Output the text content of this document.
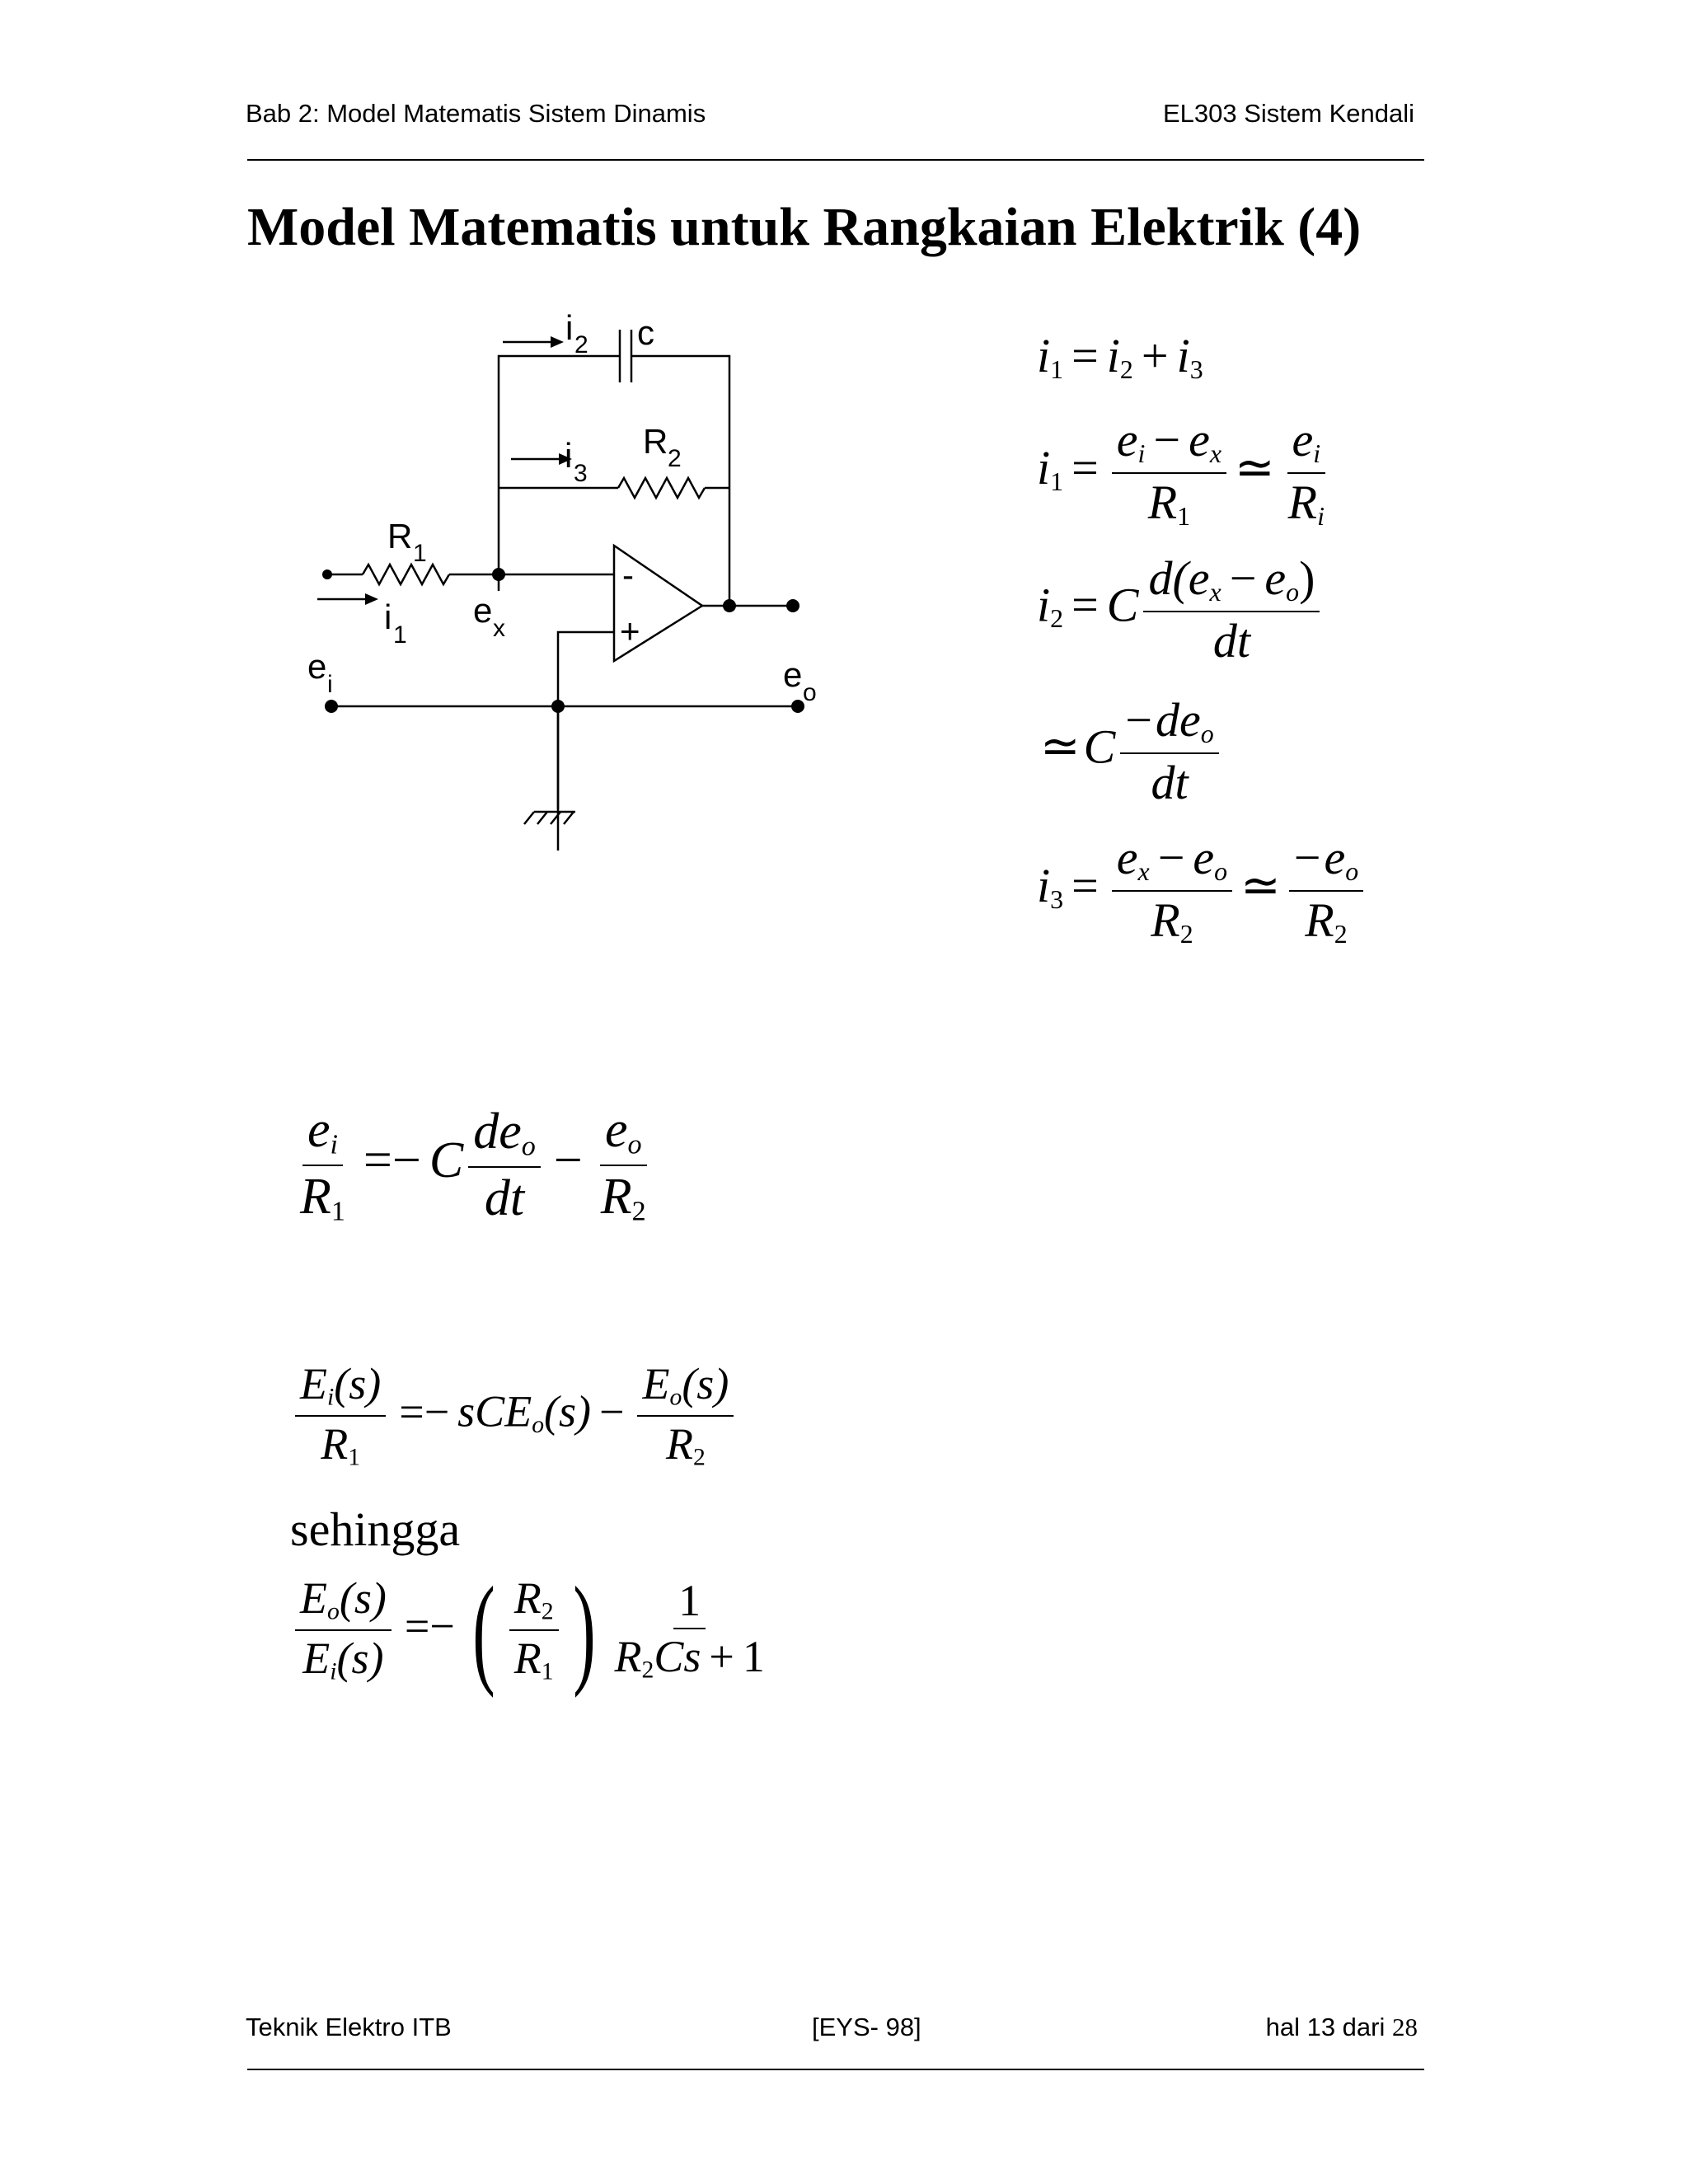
Bab 2: Model Matematis Sistem Dinamis	EL303 Sistem Kendali
Model Matematis untuk Rangkaian Elektrik (4)
i 2 c
i 3
R 2
R 1
i 1
e x
e i	e o
-
+
$i_1 = i_2 + i_3$
$i_1 = \frac{e_i - e_x}{R_1}$ ≃ $\frac{e_i}{R_i}$
$i_2 = C \frac{d(e_x - e_o)}{dt}$
≃C $\frac{-de_o}{dt}$
$i_3 = \frac{e_x - e_o}{R_2}$ ≃ $\frac{-e_o}{R_2}$
$\frac{e_i}{R_1} =- C \frac{de_o}{dt} - \frac{e_o}{R_2}$
$\frac{E_i(s)}{R_1} =- sCE_o(s) - \frac{E_o(s)}{R_2}$
sehingga
$\frac{E_o(s)}{E_i(s)}$ =− ( $\frac{R_2}{R_1}$ ) $\frac{1}{R_2Cs + 1}$
Teknik Elektro ITB	[EYS- 98]	hal 13 dari 28
